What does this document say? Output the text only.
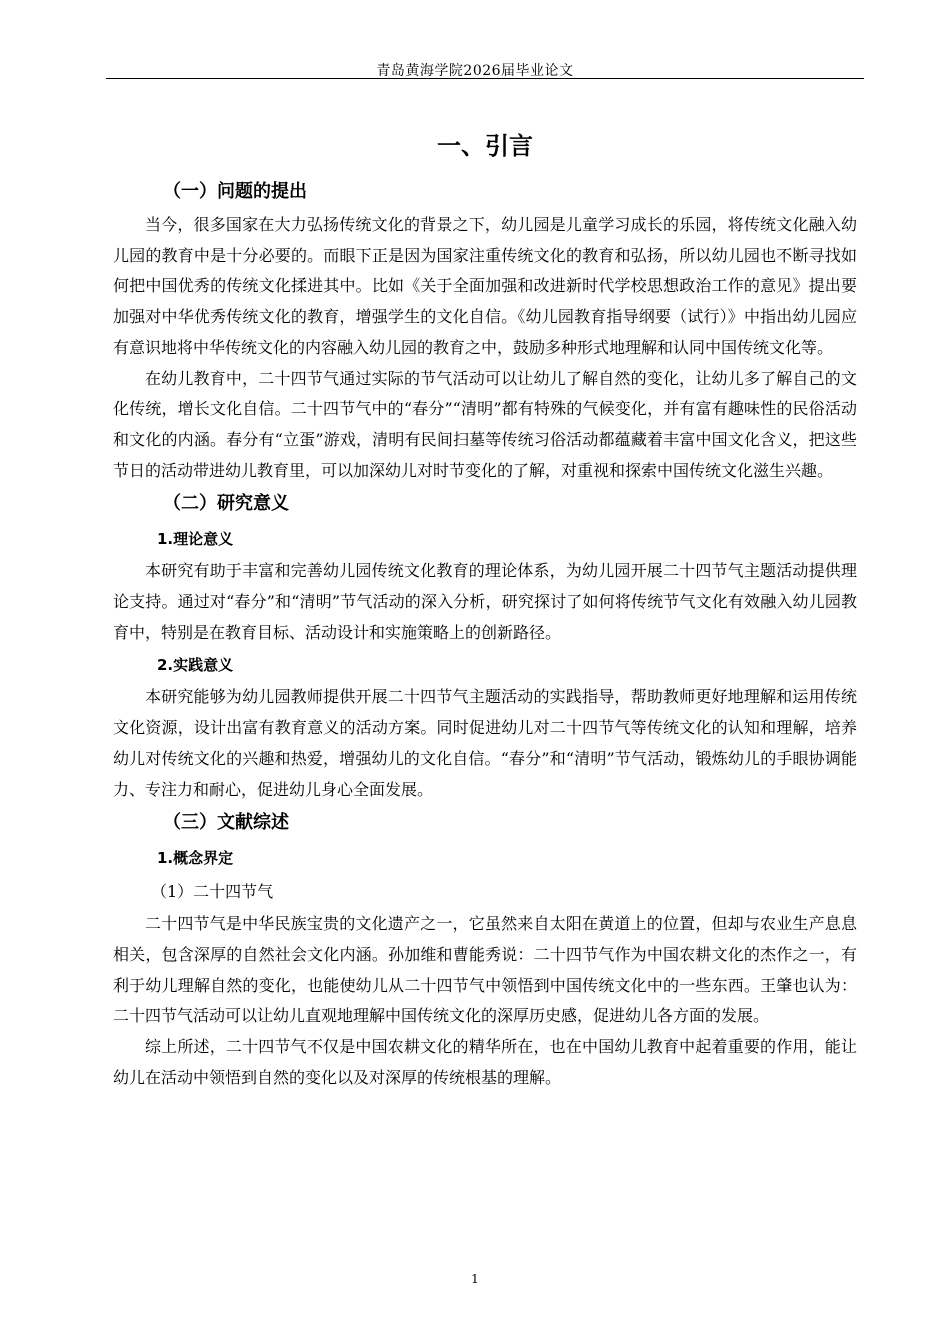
青岛黄海学院2026届毕业论文
一、引言
（一）问题的提出

当今，很多国家在大力弘扬传统文化的背景之下，幼儿园是儿童学习成长的乐园，将传统文化融入幼儿园的教育中是十分必要的。而眼下正是因为国家注重传统文化的教育和弘扬，所以幼儿园也不断寻找如何把中国优秀的传统文化揉进其中。比如《关于全面加强和改进新时代学校思想政治工作的意见》提出要加强对中华优秀传统文化的教育，增强学生的文化自信。《幼儿园教育指导纲要（试行）》中指出幼儿园应有意识地将中华传统文化的内容融入幼儿园的教育之中，鼓励多种形式地理解和认同中国传统文化等。

在幼儿教育中，二十四节气通过实际的节气活动可以让幼儿了解自然的变化，让幼儿多了解自己的文化传统，增长文化自信。二十四节气中的“春分”“清明”都有特殊的气候变化，并有富有趣味性的民俗活动和文化的内涵。春分有“立蛋”游戏，清明有民间扫墓等传统习俗活动都蕴藏着丰富中国文化含义，把这些节日的活动带进幼儿教育里，可以加深幼儿对时节变化的了解，对重视和探索中国传统文化滋生兴趣。

（二）研究意义
1.理论意义

本研究有助于丰富和完善幼儿园传统文化教育的理论体系，为幼儿园开展二十四节气主题活动提供理论支持。通过对“春分”和“清明”节气活动的深入分析，研究探讨了如何将传统节气文化有效融入幼儿园教育中，特别是在教育目标、活动设计和实施策略上的创新路径。

2.实践意义

本研究能够为幼儿园教师提供开展二十四节气主题活动的实践指导，帮助教师更好地理解和运用传统文化资源，设计出富有教育意义的活动方案。同时促进幼儿对二十四节气等传统文化的认知和理解，培养幼儿对传统文化的兴趣和热爱，增强幼儿的文化自信。“春分”和“清明”节气活动，锻炼幼儿的手眼协调能力、专注力和耐心，促进幼儿身心全面发展。

（三）文献综述
1.概念界定
（1）二十四节气

二十四节气是中华民族宝贵的文化遗产之一，它虽然来自太阳在黄道上的位置，但却与农业生产息息相关，包含深厚的自然社会文化内涵。孙加维和曹能秀说：二十四节气作为中国农耕文化的杰作之一，有利于幼儿理解自然的变化，也能使幼儿从二十四节气中领悟到中国传统文化中的一些东西。王肇也认为：二十四节气活动可以让幼儿直观地理解中国传统文化的深厚历史感，促进幼儿各方面的发展。

综上所述，二十四节气不仅是中国农耕文化的精华所在，也在中国幼儿教育中起着重要的作用，能让幼儿在活动中领悟到自然的变化以及对深厚的传统根基的理解。

1
